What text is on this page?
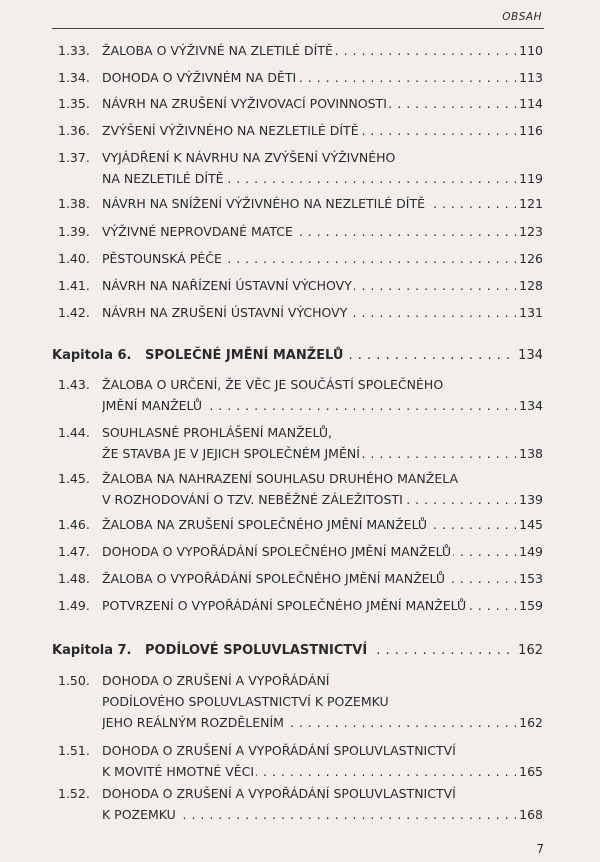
OBSAH
1.33. ŽALOBA O VÝŽIVNÉ NA ZLETILÉ DÍTĚ . . .	110
1.34. DOHODA O VÝŽIVNÉM NA DĚTI . . .	113
1.35. NÁVRH NA ZRUŠENÍ VYŽIVOVACÍ POVINNOSTI . . .	114
1.36. ZVÝŠENÍ VÝŽIVNÉHO NA NEZLETILÉ DÍTĚ . . .	116
1.37. VYJÁDŘENÍ K NÁVRHU NA ZVÝŠENÍ VÝŽIVNÉHO
NA NEZLETILÉ DÍTĚ . . .	119
1.38. NÁVRH NA SNÍŽENÍ VÝŽIVNÉHO NA NEZLETILÉ DÍTĚ . . .	121
1.39. VÝŽIVNÉ NEPROVDANÉ MATCE . . .	123
1.40. PĚSTOUNSKÁ PÉČE . . .	126
1.41. NÁVRH NA NAŘÍZENÍ ÚSTAVNÍ VÝCHOVY . . .	128
1.42. NÁVRH NA ZRUŠENÍ ÚSTAVNÍ VÝCHOVY . . .	131
Kapitola 6. SPOLEČNÉ JMĚNÍ MANŽELŮ	134
. . .
1.43. ŽALOBA O URČENÍ, ŽE VĚC JE SOUČÁSTÍ SPOLEČNÉHO
JMĚNÍ MANŽELŮ . . .	134
1.44. SOUHLASNÉ PROHLÁŠENÍ MANŽELŮ,
ŽE STAVBA JE V JEJICH SPOLEČNÉM JMĚNÍ . . .	138
1.45. ŽALOBA NA NAHRAZENÍ SOUHLASU DRUHÉHO MANŽELA
V ROZHODOVÁNÍ O TZV. NEBĚŽNÉ ZÁLEŽITOSTI . . .	139
1.46. ŽALOBA NA ZRUŠENÍ SPOLEČNÉHO JMĚNÍ MANŽELŮ . . .	145
1.47. DOHODA O VYPOŘÁDÁNÍ SPOLEČNÉHO JMĚNÍ MANŽELŮ . . .	149
1.48. ŽALOBA O VYPOŘÁDÁNÍ SPOLEČNÉHO JMĚNÍ MANŽELŮ . . .	153
1.49. POTVRZENÍ O VYPOŘÁDÁNÍ SPOLEČNÉHO JMĚNÍ MANŽELŮ . . .	159
Kapitola 7. PODÍLOVÉ SPOLUVLASTNICTVÍ	162
. . .
1.50. DOHODA O ZRUŠENÍ A VYPOŘÁDÁNÍ
PODÍLOVÉHO SPOLUVLASTNICTVÍ K POZEMKU
JEHO REÁLNÝM ROZDĚLENÍM . . .	162
1.51. DOHODA O ZRUŠENÍ A VYPOŘÁDÁNÍ SPOLUVLASTNICTVÍ
K MOVITÉ HMOTNÉ VĚCI . . .	165
1.52. DOHODA O ZRUŠENÍ A VYPOŘÁDÁNÍ SPOLUVLASTNICTVÍ
K POZEMKU . . .	168
7
